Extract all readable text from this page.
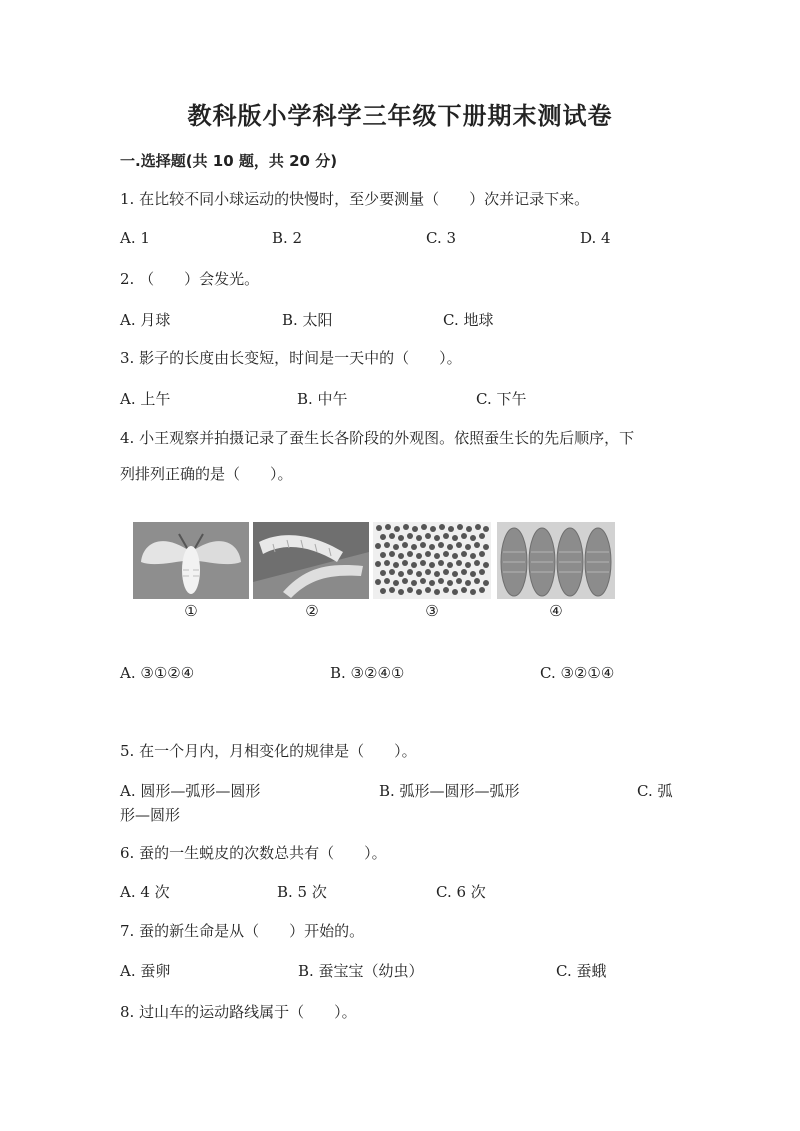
教科版小学科学三年级下册期末测试卷
一.选择题(共 10 题，共 20 分)
1. 在比较不同小球运动的快慢时，至少要测量（　　）次并记录下来。
A. 1	B. 2	C. 3	D. 4
2. （　　）会发光。
A. 月球	B. 太阳	C. 地球
3. 影子的长度由长变短，时间是一天中的（　　）。
A. 上午	B. 中午	C. 下午
4. 小王观察并拍摄记录了蚕生长各阶段的外观图。依照蚕生长的先后顺序，下
列排列正确的是（　　）。
①	②	③	④
A. ③①②④	B. ③②④①	C. ③②①④
5. 在一个月内，月相变化的规律是（　　）。
A. 圆形—弧形—圆形	B. 弧形—圆形—弧形	C. 弧
形—圆形
6. 蚕的一生蜕皮的次数总共有（　　）。
A. 4 次	B. 5 次	C. 6 次
7. 蚕的新生命是从（　　）开始的。
A. 蚕卵	B. 蚕宝宝（幼虫）	C. 蚕蛾
8. 过山车的运动路线属于（　　）。
